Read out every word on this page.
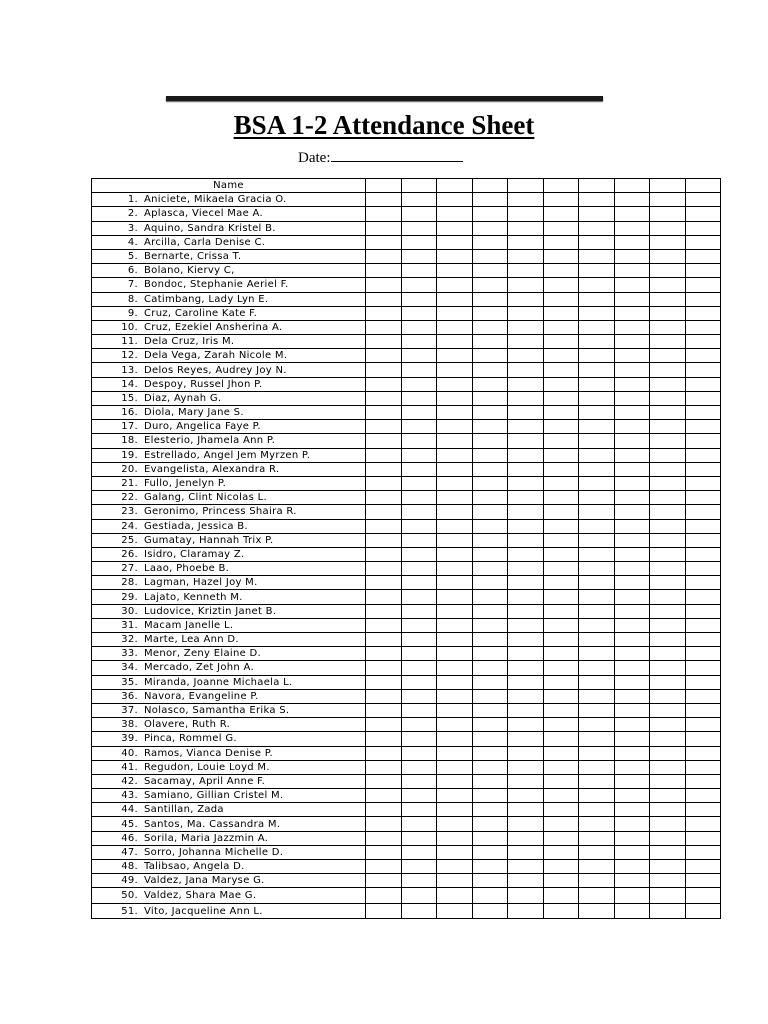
BSA 1-2 Attendance Sheet
Date:
Name										
1. Aniciete, Mikaela Gracia O.										
2. Aplasca, Viecel Mae A.										
3. Aquino, Sandra Kristel B.										
4. Arcilla, Carla Denise C.										
5. Bernarte, Crissa T.										
6. Bolano, Kiervy C,										
7. Bondoc, Stephanie Aeriel F.										
8. Catimbang, Lady Lyn E.										
9. Cruz, Caroline Kate F.										
10. Cruz, Ezekiel Ansherina A.										
11. Dela Cruz, Iris M.										
12. Dela Vega, Zarah Nicole M.										
13. Delos Reyes, Audrey Joy N.										
14. Despoy, Russel Jhon P.										
15. Diaz, Aynah G.										
16. Diola, Mary Jane S.										
17. Duro, Angelica Faye P.										
18. Elesterio, Jhamela Ann P.										
19. Estrellado, Angel Jem Myrzen P.										
20. Evangelista, Alexandra R.										
21. Fullo, Jenelyn P.										
22. Galang, Clint Nicolas L.										
23. Geronimo, Princess Shaira R.										
24. Gestiada, Jessica B.										
25. Gumatay, Hannah Trix P.										
26. Isidro, Claramay Z.										
27. Laao, Phoebe B.										
28. Lagman, Hazel Joy M.										
29. Lajato, Kenneth M.										
30. Ludovice, Kriztin Janet B.										
31. Macam Janelle L.										
32. Marte, Lea Ann D.										
33. Menor, Zeny Elaine D.										
34. Mercado, Zet John A.										
35. Miranda, Joanne Michaela L.										
36. Navora, Evangeline P.										
37. Nolasco, Samantha Erika S.										
38. Olavere, Ruth R.										
39. Pinca, Rommel G.										
40. Ramos, Vianca Denise P.										
41. Regudon, Louie Loyd M.										
42. Sacamay, April Anne F.										
43. Samiano, Gillian Cristel M.										
44. Santillan, Zada										
45. Santos, Ma. Cassandra M.										
46. Sorila, Maria Jazzmin A.										
47. Sorro, Johanna Michelle D.										
48. Talibsao, Angela D.										
49. Valdez, Jana Maryse G.										
50. Valdez, Shara Mae G.										
51. Vito, Jacqueline Ann L.										
